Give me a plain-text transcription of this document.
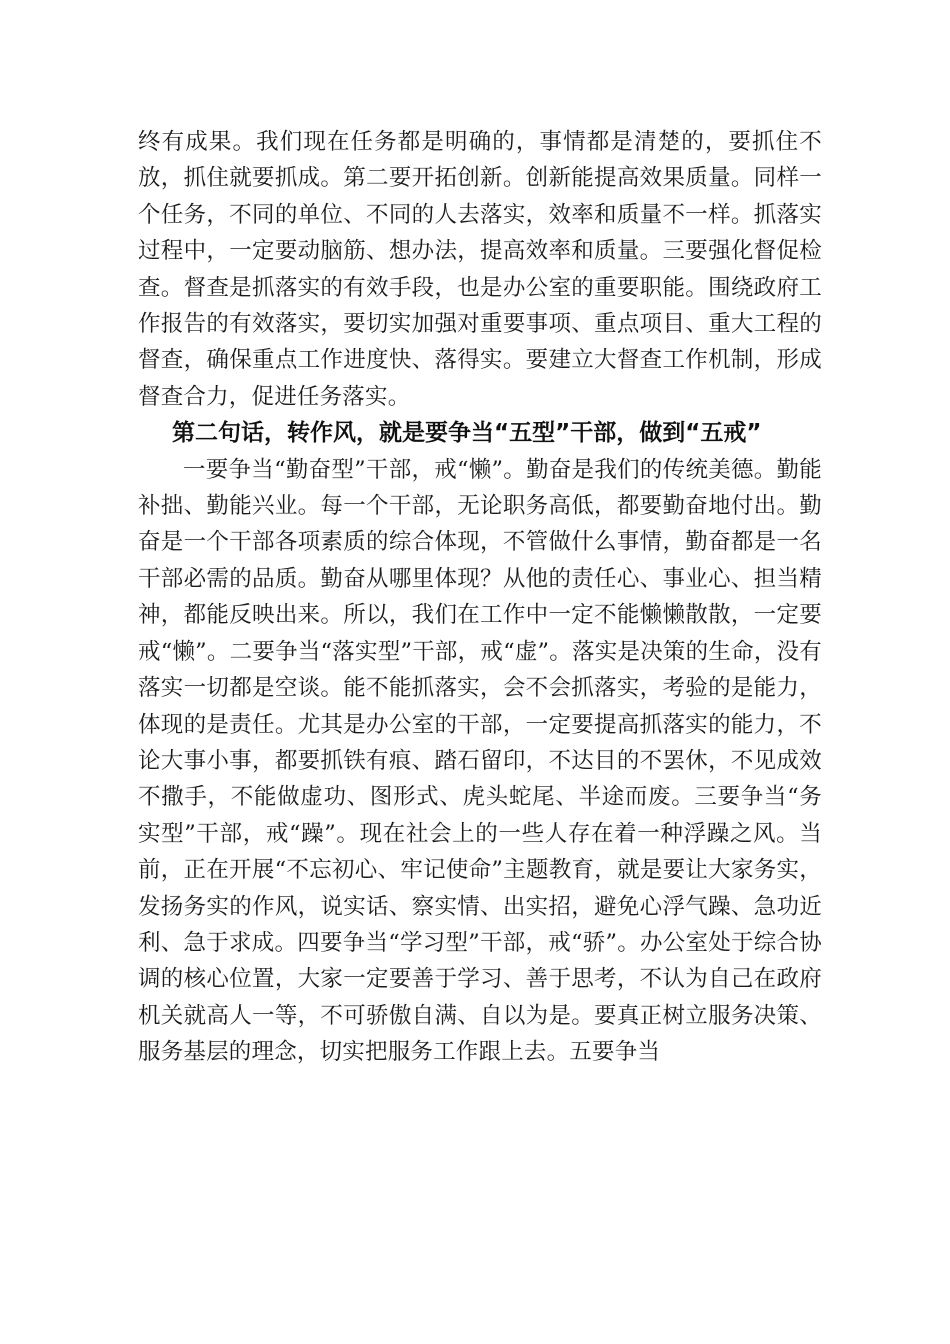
终有成果。我们现在任务都是明确的，事情都是清楚的，要抓住不放，抓住就要抓成。第二要开拓创新。创新能提高效果质量。同样一个任务，不同的单位、不同的人去落实，效率和质量不一样。抓落实过程中，一定要动脑筋、想办法，提高效率和质量。三要强化督促检查。督查是抓落实的有效手段，也是办公室的重要职能。围绕政府工作报告的有效落实，要切实加强对重要事项、重点项目、重大工程的督查，确保重点工作进度快、落得实。要建立大督查工作机制，形成督查合力，促进任务落实。

第二句话，转作风，就是要争当“五型”干部，做到“五戒”

一要争当“勤奋型”干部，戒“懒”。勤奋是我们的传统美德。勤能补拙、勤能兴业。每一个干部，无论职务高低，都要勤奋地付出。勤奋是一个干部各项素质的综合体现，不管做什么事情，勤奋都是一名干部必需的品质。勤奋从哪里体现？从他的责任心、事业心、担当精神，都能反映出来。所以，我们在工作中一定不能懒懒散散，一定要戒“懒”。二要争当“落实型”干部，戒“虚”。落实是决策的生命，没有落实一切都是空谈。能不能抓落实，会不会抓落实，考验的是能力，体现的是责任。尤其是办公室的干部，一定要提高抓落实的能力，不论大事小事，都要抓铁有痕、踏石留印，不达目的不罢休，不见成效不撒手，不能做虚功、图形式、虎头蛇尾、半途而废。三要争当“务实型”干部，戒“躁”。现在社会上的一些人存在着一种浮躁之风。当前，正在开展“不忘初心、牢记使命”主题教育，就是要让大家务实，发扬务实的作风，说实话、察实情、出实招，避免心浮气躁、急功近利、急于求成。四要争当“学习型”干部，戒“骄”。办公室处于综合协调的核心位置，大家一定要善于学习、善于思考，不认为自己在政府机关就高人一等，不可骄傲自满、自以为是。要真正树立服务决策、服务基层的理念，切实把服务工作跟上去。五要争当
